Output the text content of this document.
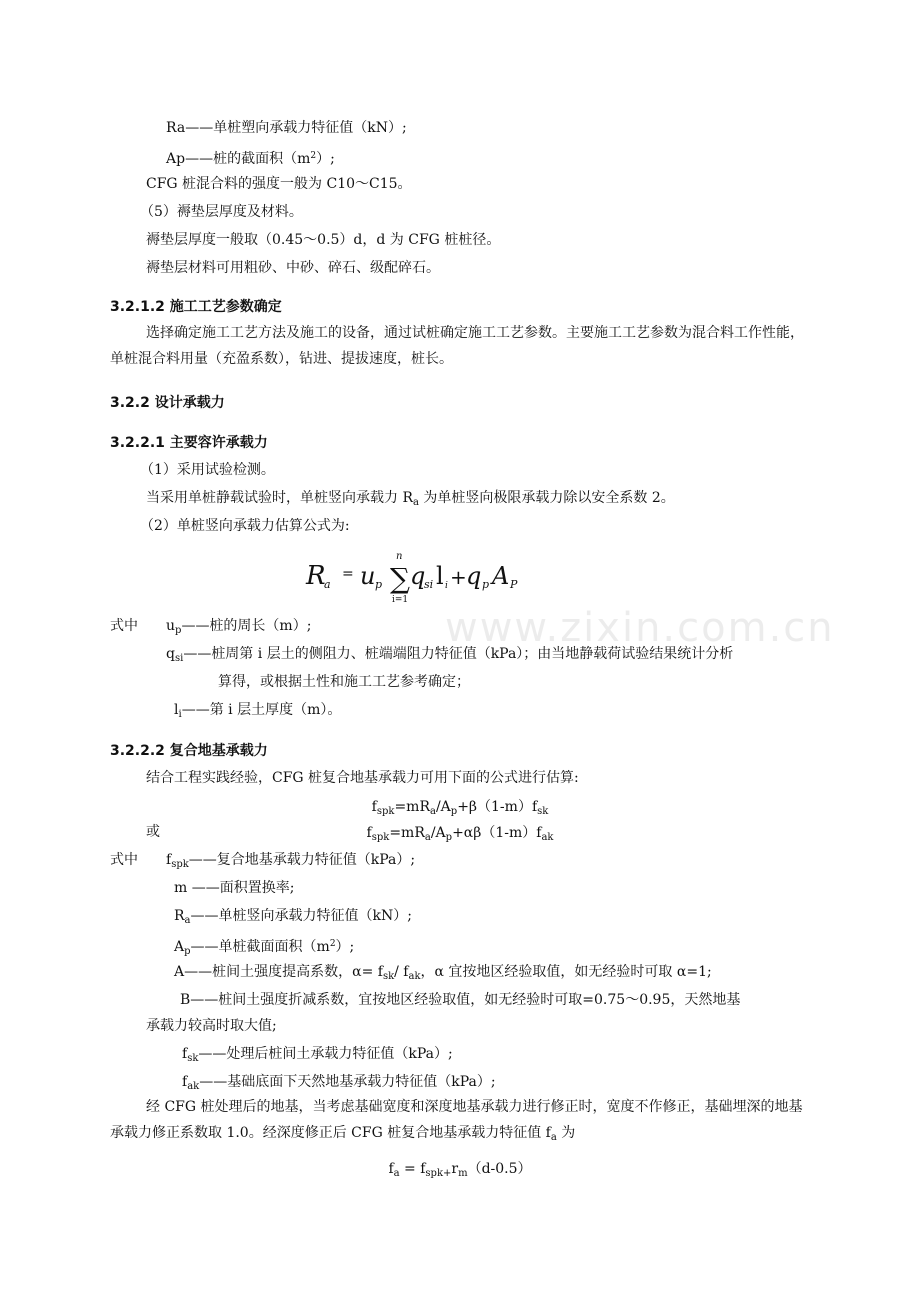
Ra——单桩塑向承载力特征值（kN）;
Ap——桩的截面积$(m^2)$;
CFG 桩混合料的强度一般为 C10～C15。
（5）褥垫层厚度及材料。
褥垫层厚度一般取（0.45～0.5）d，d 为 CFG 桩桩径。
褥垫层材料可用粗砂、中砂、碎石、级配碎石。
3.2.1.2 施工工艺参数确定
选择确定施工工艺方法及施工的设备，通过试桩确定施工工艺参数。主要施工工艺参数为混合料工作性能，单桩混合料用量（充盈系数），钻进、提拔速度，桩长。
3.2.2 设计承载力
3.2.2.1 主要容许承载力
（1）采用试验检测。
当采用单桩静载试验时，单桩竖向承载力 $R_a$ 为单桩竖向极限承载力除以安全系数 2。
（2）单桩竖向承载力估算公式为:
R
a
= u p ∑
n
i=1
q
si l i + q p A P
www.zixin.com.cn
式中 $u_p——$桩的周长（m）;
$q_{si}——$桩周第 i 层土的侧阻力、桩端端阻力特征值（kPa）；由当地静载荷试验结果统计分析
算得，或根据土性和施工工艺参考确定；
$l_i——$第 i 层土厚度（m）。
3.2.2.2 复合地基承载力
结合工程实践经验，CFG 桩复合地基承载力可用下面的公式进行估算:
$f_{spk}=mR_a/A_p+\beta(1-m)f_{sk}$
或	$f_{spk}=mR_a/A_p+\alpha\beta(1-m)f_{ak}$
式中 $f_{spk}——$复合地基承载力特征值（kPa）;
m ——面积置换率;
$R_a——$单桩竖向承载力特征值（kN）;
$A_p——$单桩截面面积$(m^2)$;
A——桩间土强度提高系数，$\alpha= f_{sk}/$ $f_{ak}$，α 宜按地区经验取值，如无经验时可取 α=1;
B——桩间土强度折减系数，宜按地区经验取值，如无经验时可取=0.75～0.95，天然地基
承载力较高时取大值;
$f_{sk}——$处理后桩间土承载力特征值（kPa）;
$f_{ak}——$基础底面下天然地基承载力特征值（kPa）;
经 CFG 桩处理后的地基，当考虑基础宽度和深度地基承载力进行修正时，宽度不作修正，基础埋深的地基承载力修正系数取 1.0。经深度修正后 CFG 桩复合地基承载力特征值 $f_a$ 为
$f_a = f_{spk+}r_m(d-0.5)$
